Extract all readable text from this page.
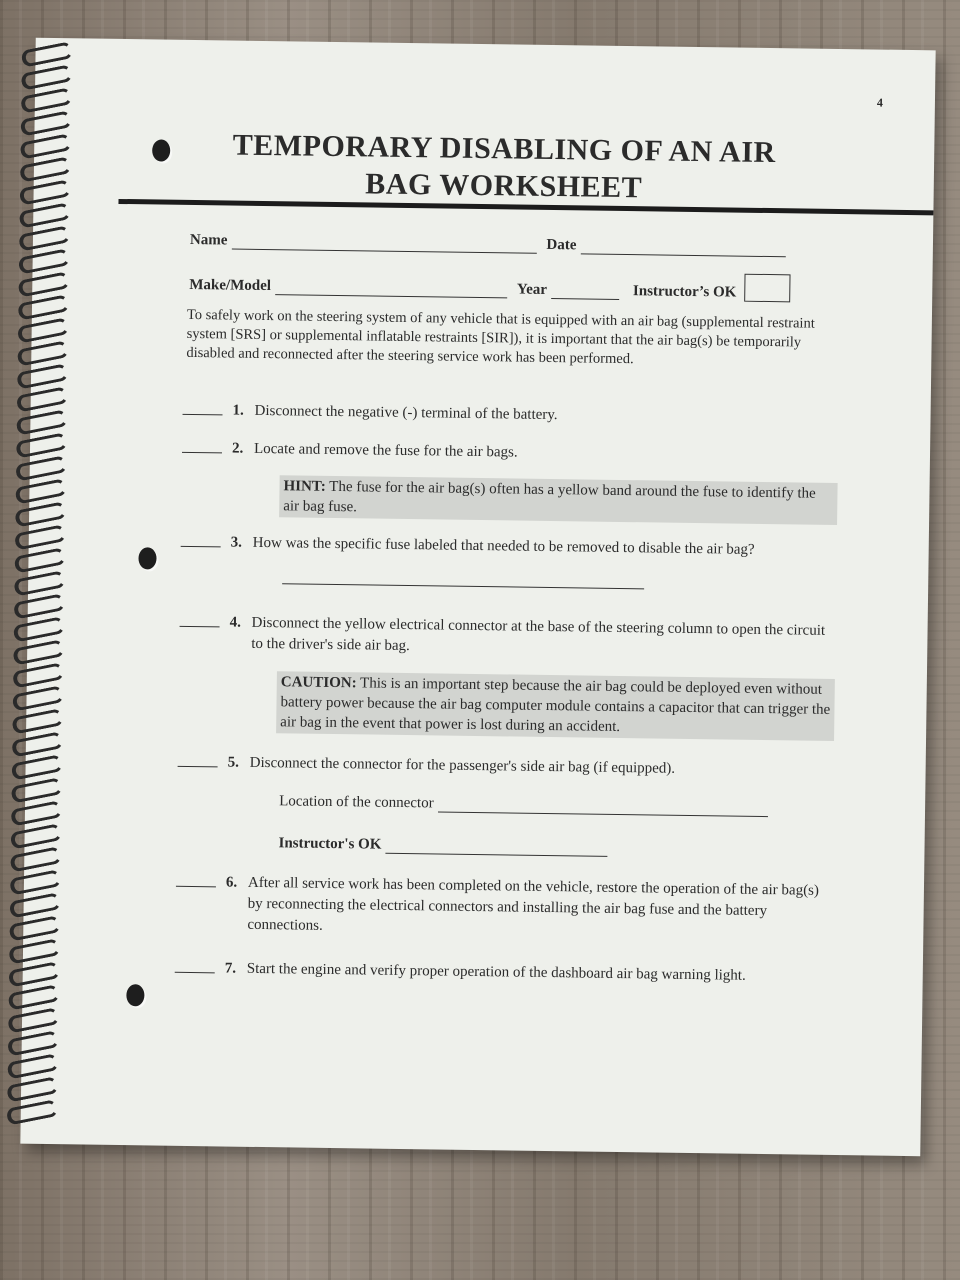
4
TEMPORARY DISABLING OF AN AIR
BAG WORKSHEET
Name	Date
Make/Model	Year	Instructor’s OK
To safely work on the steering system of any vehicle that is equipped with an air bag (supplemental restraint system [SRS] or supplemental inflatable restraints [SIR]), it is important that the air bag(s) be temporarily disabled and reconnected after the steering service work has been performed.
1. Disconnect the negative (-) terminal of the battery.
2. Locate and remove the fuse for the air bags.
HINT: The fuse for the air bag(s) often has a yellow band around the fuse to identify the air bag fuse.
3. How was the specific fuse labeled that needed to be removed to disable the air bag?
4. Disconnect the yellow electrical connector at the base of the steering column to open the circuit to the driver's side air bag.
CAUTION: This is an important step because the air bag could be deployed even without battery power because the air bag computer module contains a capacitor that can trigger the air bag in the event that power is lost during an accident.
5. Disconnect the connector for the passenger's side air bag (if equipped).
Location of the connector
Instructor's OK
6. After all service work has been completed on the vehicle, restore the operation of the air bag(s) by reconnecting the electrical connectors and installing the air bag fuse and the battery connections.
7. Start the engine and verify proper operation of the dashboard air bag warning light.
